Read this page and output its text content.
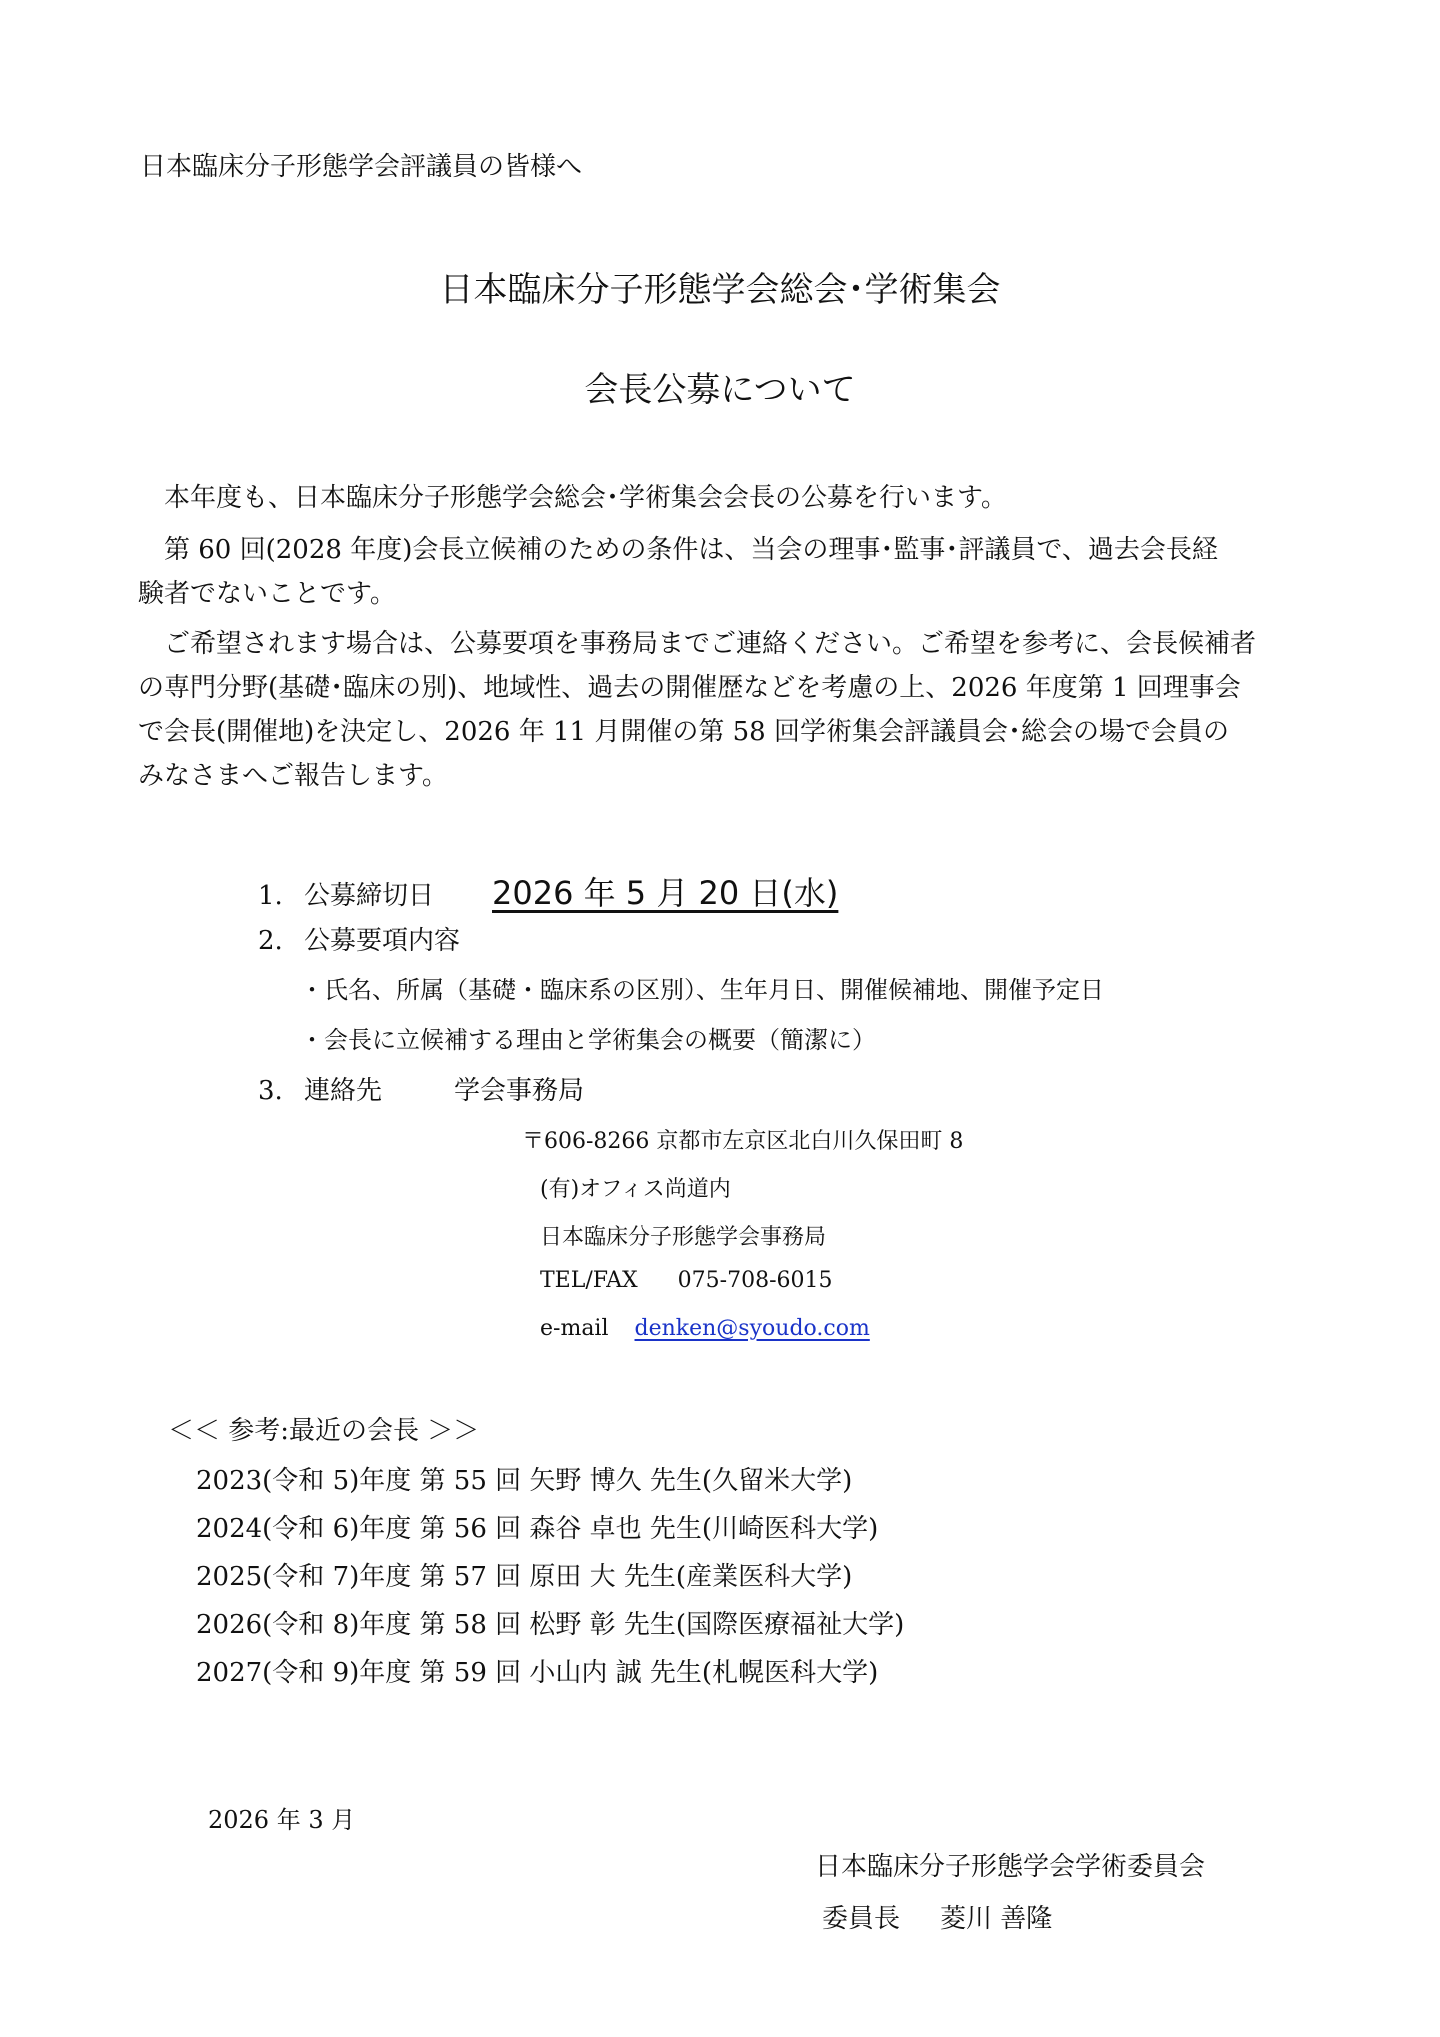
日本臨床分子形態学会評議員の皆様へ
日本臨床分子形態学会総会･学術集会
会長公募について
本年度も、日本臨床分子形態学会総会･学術集会会長の公募を行います。
第 60 回(2028 年度)会長立候補のための条件は、当会の理事･監事･評議員で、過去会長経
験者でないことです。
ご希望されます場合は、公募要項を事務局までご連絡ください。ご希望を参考に、会長候補者
の専門分野(基礎･臨床の別)、地域性、過去の開催歴などを考慮の上、2026 年度第 1 回理事会
で会長(開催地)を決定し、2026 年 11 月開催の第 58 回学術集会評議員会･総会の場で会員の
みなさまへご報告します。
1. 公募締切日 2026 年 5 月 20 日(水)
2. 公募要項内容
・氏名、所属（基礎・臨床系の区別）、生年月日、開催候補地、開催予定日
・会長に立候補する理由と学術集会の概要（簡潔に）
3. 連絡先	学会事務局
〒606-8266 京都市左京区北白川久保田町 8
(有)オフィス尚道内
日本臨床分子形態学会事務局
TEL/FAX 075-708-6015
e-mail denken@syoudo.com
＜＜ 参考:最近の会長 ＞＞
2023(令和 5)年度 第 55 回 矢野 博久 先生(久留米大学)
2024(令和 6)年度 第 56 回 森谷 卓也 先生(川崎医科大学)
2025(令和 7)年度 第 57 回 原田 大 先生(産業医科大学)
2026(令和 8)年度 第 58 回 松野 彰 先生(国際医療福祉大学)
2027(令和 9)年度 第 59 回 小山内 誠 先生(札幌医科大学)
2026 年 3 月
日本臨床分子形態学会学術委員会
委員長 菱川 善隆
